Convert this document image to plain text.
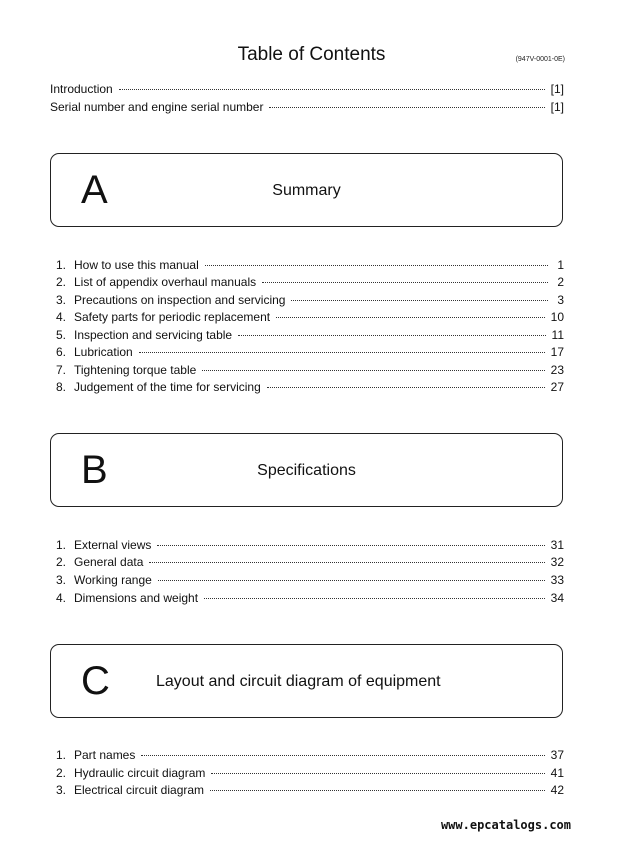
Table of Contents	(947V-0001-0E)
Introduction	[1]
Serial number and engine serial number	[1]
A	Summary
1. How to use this manual	1
2. List of appendix overhaul manuals	2
3. Precautions on inspection and servicing	3
4. Safety parts for periodic replacement	10
5. Inspection and servicing table	11
6. Lubrication	17
7. Tightening torque table	23
8. Judgement of the time for servicing	27
B	Specifications
1. External views	31
2. General data	32
3. Working range	33
4. Dimensions and weight	34
C	Layout and circuit diagram of equipment
1. Part names	37
2. Hydraulic circuit diagram	41
3. Electrical circuit diagram	42
www.epcatalogs.com
